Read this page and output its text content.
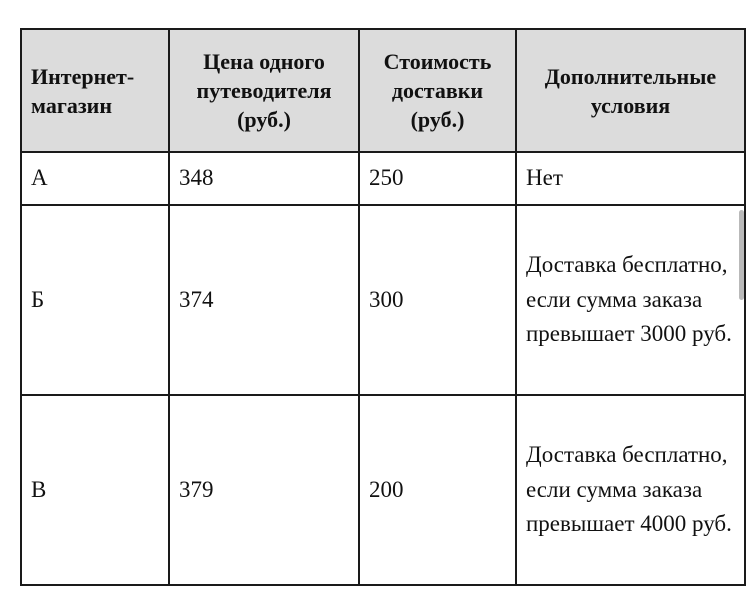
Интернет-магазин	Цена одного путеводителя (руб.)	Стоимость доставки (руб.)	Дополнительные условия
А	348	250	Нет
Б	374	300	Доставка бесплатно, если сумма заказа превышает 3000 руб.
В	379	200	Доставка бесплатно, если сумма заказа превышает 4000 руб.
